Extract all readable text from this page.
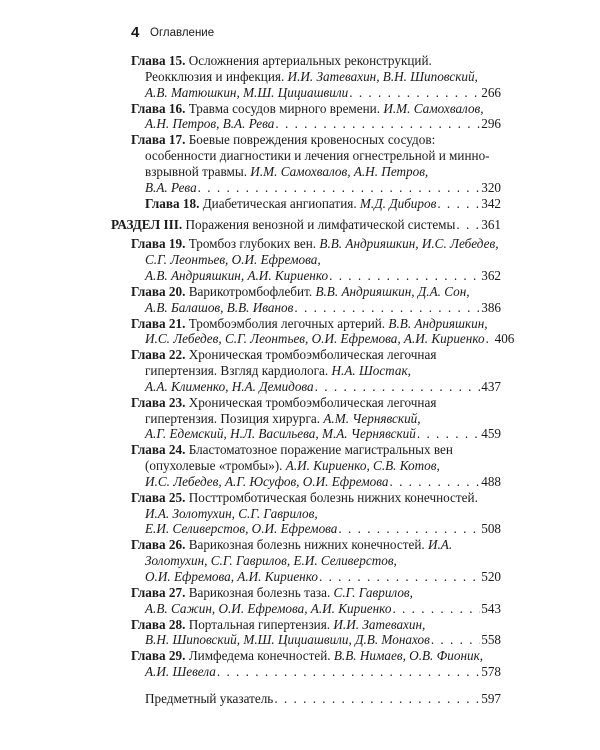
4 Оглавление
Глава 15. Осложнения артериальных реконструкций. Реокклюзия и инфекция. И.И. Затевахин, В.Н. Шиповский,
А.В. Матюшкин, М.Ш. Цициашвили . . .	266
Глава 16. Травма сосудов мирного времени. И.М. Самохвалов,
А.Н. Петров, В.А. Рева . . .	296
Глава 17. Боевые повреждения кровеносных сосудов: особенности диагностики и лечения огнестрельной и минно-взрывной травмы. И.М. Самохвалов, А.Н. Петров,
В.А. Рева . . .	320
Глава 18. Диабетическая ангиопатия. М.Д. Дибиров . . .	342
РАЗДЕЛ III. Поражения венозной и лимфатической системы . . . 361
Глава 19. Тромбоз глубоких вен. В.В. Андрияшкин, И.С. Лебедев, С.Г. Леонтьев, О.И. Ефремова,
А.В. Андрияшкин, А.И. Кириенко . . .	362
Глава 20. Варикотромбофлебит. В.В. Андрияшкин, Д.А. Сон,
А.В. Балашов, В.В. Иванов . . .	386
Глава 21. Тромбоэмболия легочных артерий. В.В. Андрияшкин,
И.С. Лебедев, С.Г. Леонтьев, О.И. Ефремова, А.И. Кириенко . . . 406
Глава 22. Хроническая тромбоэмболическая легочная гипертензия. Взгляд кардиолога. Н.А. Шостак,
А.А. Клименко, Н.А. Демидова . . .	437
Глава 23. Хроническая тромбоэмболическая легочная гипертензия. Позиция хирурга. А.М. Чернявский,
А.Г. Едемский, Н.Л. Васильева, М.А. Чернявский . . .	459
Глава 24. Бластоматозное поражение магистральных вен (опухолевые «тромбы»). А.И. Кириенко, С.В. Котов,
И.С. Лебедев, А.Г. Юсуфов, О.И. Ефремова . . .	488
Глава 25. Посттромботическая болезнь нижних конечностей. И.А. Золотухин, С.Г. Гаврилов,
Е.И. Селиверстов, О.И. Ефремова . . .	508
Глава 26. Варикозная болезнь нижних конечностей. И.А. Золотухин, С.Г. Гаврилов, Е.И. Селиверстов,
О.И. Ефремова, А.И. Кириенко . . .	520
Глава 27. Варикозная болезнь таза. С.Г. Гаврилов,
А.В. Сажин, О.И. Ефремова, А.И. Кириенко . . .	543
Глава 28. Портальная гипертензия. И.И. Затевахин,
В.Н. Шиповский, М.Ш. Цициашвили, Д.В. Монахов . . .	558
Глава 29. Лимфедема конечностей. В.В. Нимаев, О.В. Фионик,
А.И. Шевела . . .	578
Предметный указатель . . .	597
